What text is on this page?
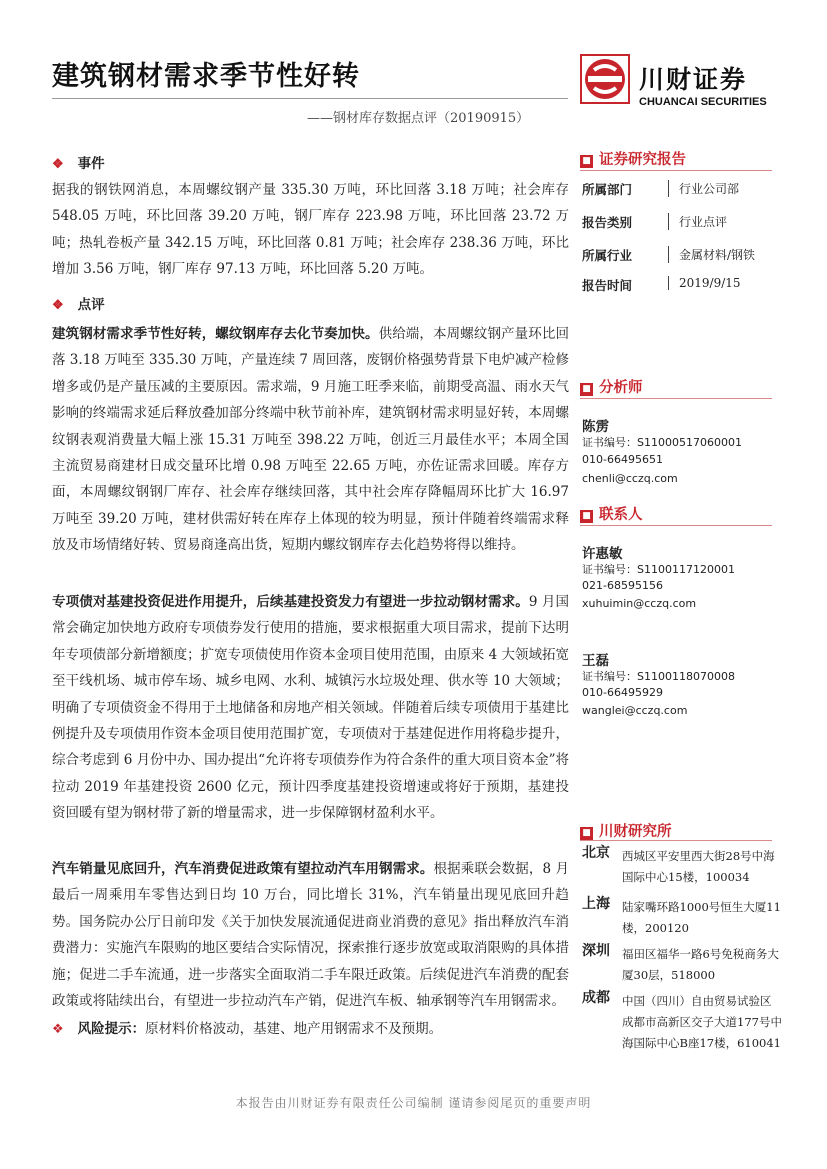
建筑钢材需求季节性好转
——钢材库存数据点评（20190915）
川财证券
CHUANCAI SECURITIES
❖ 事件
据我的钢铁网消息，本周螺纹钢产量 335.30 万吨，环比回落 3.18 万吨；社会库存 548.05 万吨，环比回落 39.20 万吨，钢厂库存 223.98 万吨，环比回落 23.72 万吨；热轧卷板产量 342.15 万吨，环比回落 0.81 万吨；社会库存 238.36 万吨，环比增加 3.56 万吨，钢厂库存 97.13 万吨，环比回落 5.20 万吨。
❖ 点评
建筑钢材需求季节性好转，螺纹钢库存去化节奏加快。供给端，本周螺纹钢产量环比回落 3.18 万吨至 335.30 万吨，产量连续 7 周回落，废钢价格强势背景下电炉减产检修增多或仍是产量压减的主要原因。需求端，9 月施工旺季来临，前期受高温、雨水天气影响的终端需求延后释放叠加部分终端中秋节前补库，建筑钢材需求明显好转，本周螺纹钢表观消费量大幅上涨 15.31 万吨至 398.22 万吨，创近三月最佳水平；本周全国主流贸易商建材日成交量环比增 0.98 万吨至 22.65 万吨，亦佐证需求回暖。库存方面，本周螺纹钢钢厂库存、社会库存继续回落，其中社会库存降幅周环比扩大 16.97 万吨至 39.20 万吨，建材供需好转在库存上体现的较为明显，预计伴随着终端需求释放及市场情绪好转、贸易商逢高出货，短期内螺纹钢库存去化趋势将得以维持。
专项债对基建投资促进作用提升，后续基建投资发力有望进一步拉动钢材需求。9 月国常会确定加快地方政府专项债券发行使用的措施，要求根据重大项目需求，提前下达明年专项债部分新增额度；扩宽专项债使用作资本金项目使用范围，由原来 4 大领域拓宽至干线机场、城市停车场、城乡电网、水利、城镇污水垃圾处理、供水等 10 大领域；明确了专项债资金不得用于土地储备和房地产相关领域。伴随着后续专项债用于基建比例提升及专项债用作资本金项目使用范围扩宽，专项债对于基建促进作用将稳步提升，综合考虑到 6 月份中办、国办提出“允许将专项债券作为符合条件的重大项目资本金”将拉动 2019 年基建投资 2600 亿元，预计四季度基建投资增速或将好于预期，基建投资回暖有望为钢材带了新的增量需求，进一步保障钢材盈利水平。
汽车销量见底回升，汽车消费促进政策有望拉动汽车用钢需求。根据乘联会数据，8 月最后一周乘用车零售达到日均 10 万台，同比增长 31%，汽车销量出现见底回升趋势。国务院办公厅日前印发《关于加快发展流通促进商业消费的意见》指出释放汽车消费潜力：实施汽车限购的地区要结合实际情况，探索推行逐步放宽或取消限购的具体措施；促进二手车流通，进一步落实全面取消二手车限迁政策。后续促进汽车消费的配套政策或将陆续出台，有望进一步拉动汽车产销，促进汽车板、轴承钢等汽车用钢需求。
❖ 风险提示：原材料价格波动，基建、地产用钢需求不及预期。
■ 证券研究报告
所属部门	行业公司部
报告类别	行业点评
所属行业	金属材料/钢铁
报告时间	2019/9/15
■ 分析师
陈雳
证书编号：S1100051706000​1
010-66495651
chenli@cczq.com
■ 联系人
许惠敏
证书编号：S1100117120001
021-68595156
xuhuimin@cczq.com
王磊
证书编号：S1100118070008
010-66495929
wanglei@cczq.com
■ 川财研究所
北京 西城区平安里西大街28号中海国际中心15楼，100034
上海 陆家嘴环路1000号恒生大厦11楼，200120
深圳 福田区福华一路6号免税商务大厦30层，518000
成都 中国（四川）自由贸易试验区成都市高新区交子大道177号中海国际中心B座17楼，610041
本报告由川财证券有限责任公司编制 谨请参阅尾页的重要声明
